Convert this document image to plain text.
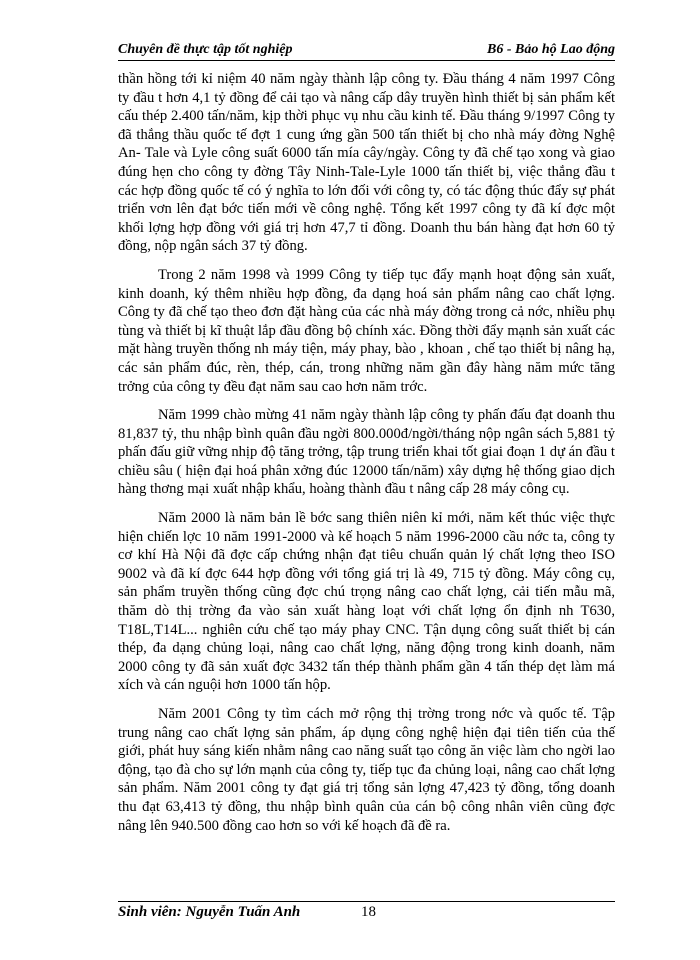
Chuyên đề thực tập tốt nghiệp	B6 - Bảo hộ Lao động

thần hồng tới kỉ niệm 40 năm ngày thành lập công ty. Đầu tháng 4 năm 1997 Công ty đầu t hơn 4,1 tỷ đồng để cải tạo và nâng cấp dây truyền hình thiết bị sản phẩm kết cấu thép 2.400 tấn/năm, kịp thời phục vụ nhu cầu kinh tế. Đầu tháng 9/1997 Công ty đã thắng thầu quốc tế đợt 1 cung ứng gần 500 tấn thiết bị cho nhà máy đờng Nghệ An- Tale và Lyle công suất 6000 tấn mía cây/ngày. Công ty đã chế tạo xong và giao đúng hẹn cho công ty đờng Tây Ninh-Tale-Lyle 1000 tấn thiết bị, việc thắng đầu t các hợp đồng quốc tế có ý nghĩa to lớn đối với công ty, có tác động thúc đẩy sự phát triển vơn lên đạt bớc tiến mới về công nghệ. Tổng kết 1997 công ty đã kí đợc một khối lợng hợp đồng với giá trị hơn 47,7 tỉ đồng. Doanh thu bán hàng đạt hơn 60 tỷ đồng, nộp ngân sách 37 tỷ đồng.

Trong 2 năm 1998 và 1999 Công ty tiếp tục đẩy mạnh hoạt động sản xuất, kinh doanh, ký thêm nhiều hợp đồng, đa dạng hoá sản phẩm nâng cao chất lợng. Công ty đã chế tạo theo đơn đặt hàng của các nhà máy đờng trong cả nớc, nhiều phụ tùng và thiết bị kĩ thuật lắp đầu đồng bộ chính xác. Đồng thời đẩy mạnh sản xuất các mặt hàng truyền thống nh máy tiện, máy phay, bào , khoan , chế tạo thiết bị nâng hạ, các sản phẩm đúc, rèn, thép, cán, trong những năm gần đây hàng năm mức tăng trởng của công ty đều đạt năm sau cao hơn năm trớc.

Năm 1999 chào mừng 41 năm ngày thành lập công ty phấn đấu đạt doanh thu 81,837 tỷ, thu nhập bình quân đầu ngời 800.000đ/ngời/tháng nộp ngân sách 5,881 tỷ phấn đấu giữ vững nhịp độ tăng trởng, tập trung triển khai tốt giai đoạn 1 dự án đầu t chiều sâu ( hiện đại hoá phân xởng đúc 12000 tấn/năm) xây dựng hệ thống giao dịch hàng thơng mại xuất nhập khẩu, hoàng thành đầu t nâng cấp 28 máy công cụ.

Năm 2000 là năm bản lề bớc sang thiên niên kỉ mới, năm kết thúc việc thực hiện chiến lợc 10 năm 1991-2000 và kế hoạch 5 năm 1996-2000 cầu nớc ta, công ty cơ khí Hà Nội đã đợc cấp chứng nhận đạt tiêu chuẩn quản lý chất lợng theo ISO 9002 và đã kí đợc 644 hợp đồng với tổng giá trị là 49, 715 tỷ đồng. Máy công cụ, sản phẩm truyền thống cũng đợc chú trọng nâng cao chất lợng, cải tiến mẫu mã, thăm dò thị trờng đa vào sản xuất hàng loạt với chất lợng ổn định nh T630, T18L,T14L... nghiên cứu chế tạo máy phay CNC. Tận dụng công suất thiết bị cán thép, đa dạng chủng loại, nâng cao chất lợng, năng động trong kinh doanh, năm 2000 công ty đã sản xuất đợc 3432 tấn thép thành phẩm gần 4 tấn thép dẹt làm má xích và cán nguội hơn 1000 tấn hộp.

Năm 2001 Công ty tìm cách mở rộng thị trờng trong nớc và quốc tế. Tập trung nâng cao chất lợng sản phẩm, áp dụng công nghệ hiện đại tiên tiến của thế giới, phát huy sáng kiến nhằm nâng cao năng suất tạo công ăn việc làm cho ngời lao động, tạo đà cho sự lớn mạnh của công ty, tiếp tục đa chủng loại, nâng cao chất lợng sản phẩm. Năm 2001 công ty đạt giá trị tổng sản lợng 47,423 tỷ đồng, tổng doanh thu đạt 63,413 tỷ đồng, thu nhập bình quân của cán bộ công nhân viên cũng đợc nâng lên 940.500 đồng cao hơn so với kế hoạch đã đề ra.

Sinh viên: Nguyễn Tuấn Anh	18
